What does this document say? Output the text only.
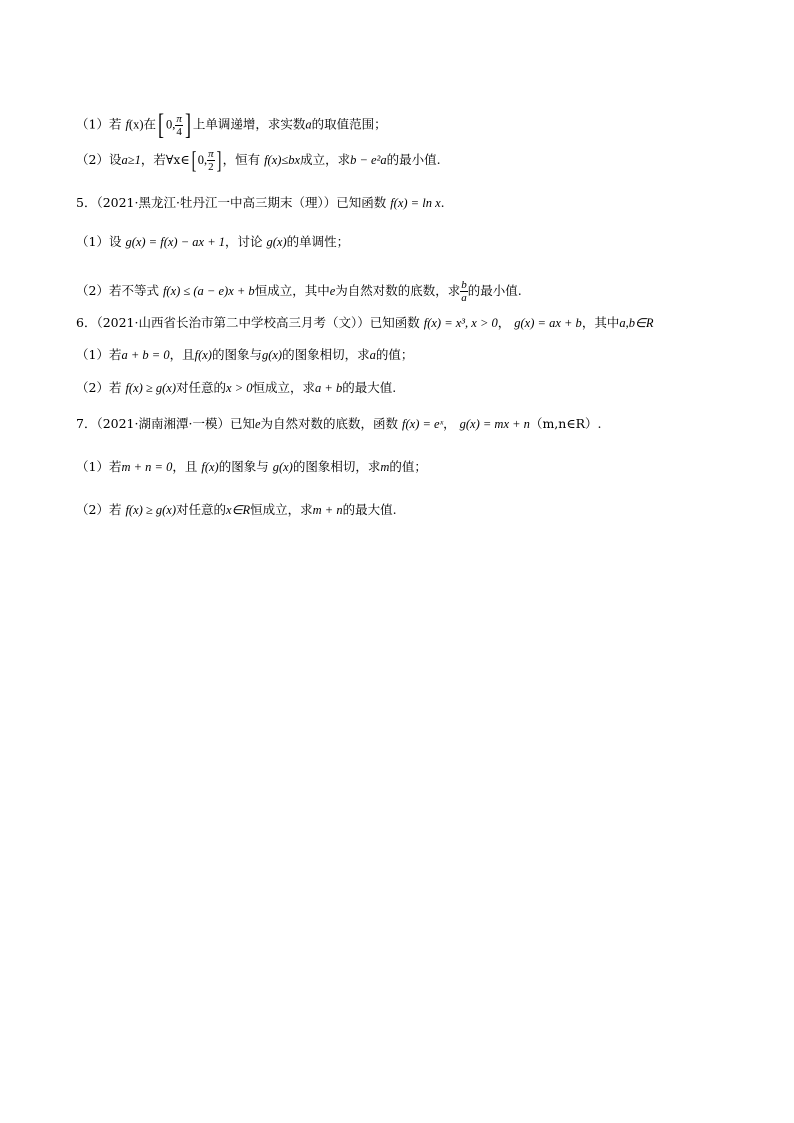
（1）若 f(x)在[ 0, $\frac{\pi}{4}$ ] 上单调递增，求实数a的取值范围；
（2）设a≥1，若∀x∈[ 0, $\frac{\pi}{2}$ ] ，恒有 f(x)≤bx成立，求b − e²a的最小值.
5．（2021·黑龙江·牡丹江一中高三期末（理））已知函数 f(x) = ln x.
（1）设 g(x) = f(x) − ax + 1，讨论 g(x)的单调性；
（2）若不等式 f(x) ≤ (a − e)x + b恒成立，其中e为自然对数的底数，求 $\frac{b}{a}$ 的最小值.
6．（2021·山西省长治市第二中学校高三月考（文））已知函数 f(x) = x³, x > 0， g(x) = ax + b，其中a,b∈R
（1）若a + b = 0，且f(x)的图象与g(x)的图象相切，求a的值；
（2）若 f(x) ≥ g(x)对任意的x > 0恒成立，求a + b的最大值.
7．（2021·湖南湘潭·一模）已知e为自然对数的底数，函数 f(x) = eˣ， g(x) = mx + n（m,n∈R）.
（1）若m + n = 0，且 f(x)的图象与 g(x)的图象相切，求m的值；
（2）若 f(x) ≥ g(x)对任意的x∈R恒成立，求m + n的最大值.
